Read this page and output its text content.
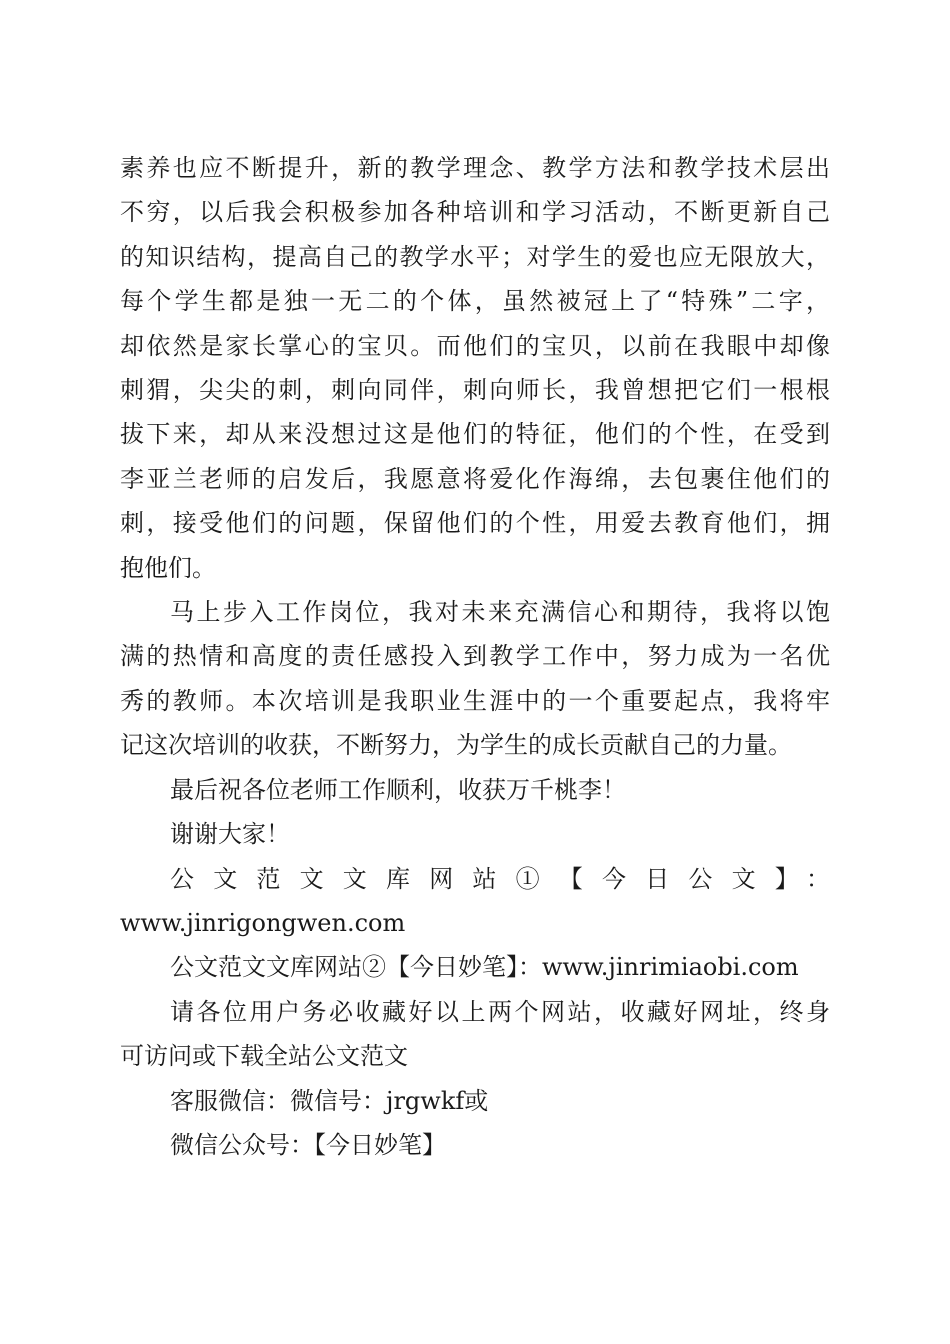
素养也应不断提升，新的教学理念、教学方法和教学技术层出
不穷，以后我会积极参加各种培训和学习活动，不断更新自己
的知识结构，提高自己的教学水平；对学生的爱也应无限放大，
每个学生都是独一无二的个体，虽然被冠上了“特殊”二字，
却依然是家长掌心的宝贝。而他们的宝贝，以前在我眼中却像
刺猬，尖尖的刺，刺向同伴，刺向师长，我曾想把它们一根根
拔下来，却从来没想过这是他们的特征，他们的个性，在受到
李亚兰老师的启发后，我愿意将爱化作海绵，去包裹住他们的
刺，接受他们的问题，保留他们的个性，用爱去教育他们，拥
抱他们。

马上步入工作岗位，我对未来充满信心和期待，我将以饱
满的热情和高度的责任感投入到教学工作中，努力成为一名优
秀的教师。本次培训是我职业生涯中的一个重要起点，我将牢
记这次培训的收获，不断努力，为学生的成长贡献自己的力量。

最后祝各位老师工作顺利，收获万千桃李！

谢谢大家！

公文范文文库网站①【今日公文】：
www.jinrigongwen.com

公文范文文库网站②【今日妙笔】：www.jinrimiaobi.com

请各位用户务必收藏好以上两个网站，收藏好网址，终身
可访问或下载全站公文范文

客服微信：微信号：jrgwkf或

微信公众号：【今日妙笔】
